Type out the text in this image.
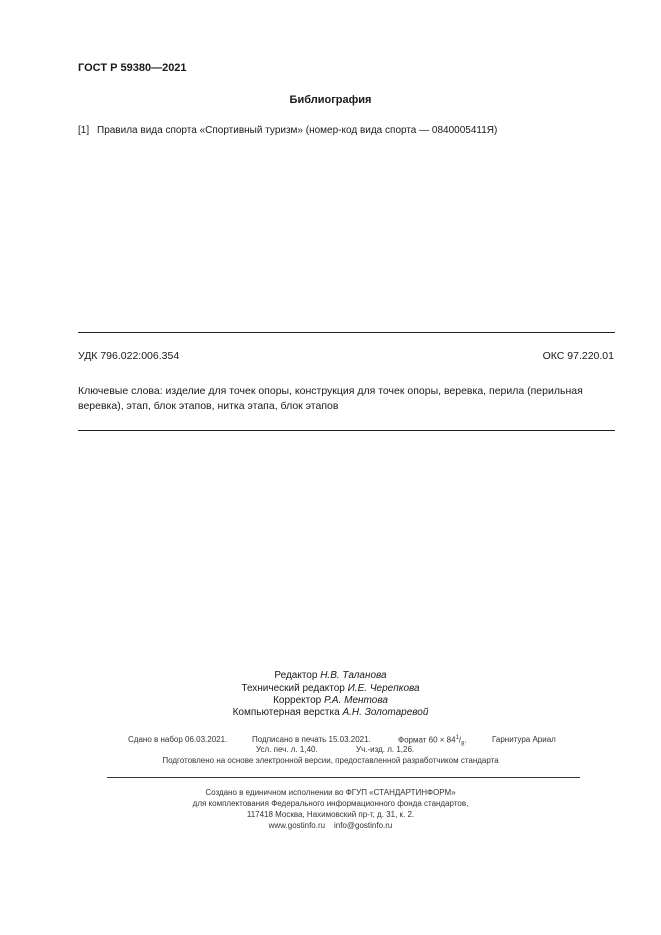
ГОСТ Р 59380—2021
Библиография
[1] Правила вида спорта «Спортивный туризм» (номер-код вида спорта — 0840005411Я)
УДК 796.022:006.354	ОКС 97.220.01
Ключевые слова: изделие для точек опоры, конструкция для точек опоры, веревка, перила (перильная веревка), этап, блок этапов, нитка этапа, блок этапов
Редактор Н.В. Таланова
Технический редактор И.Е. Черепкова
Корректор Р.А. Ментова
Компьютерная верстка А.Н. Золотаревой
Сдано в набор 06.03.2021.	Подписано в печать 15.03.2021.	Формат $60 \times 84^1/_8$.	Гарнитура Ариал
Усл. печ. л. 1,40.	Уч.-изд. л. 1,26.
Подготовлено на основе электронной версии, предоставленной разработчиком стандарта
Создано в единичном исполнении во ФГУП «СТАНДАРТИНФОРМ»
для комплектования Федерального информационного фонда стандартов,
117418 Москва, Нахимовский пр-т, д. 31, к. 2.
www.gostinfo.ru info@gostinfo.ru
